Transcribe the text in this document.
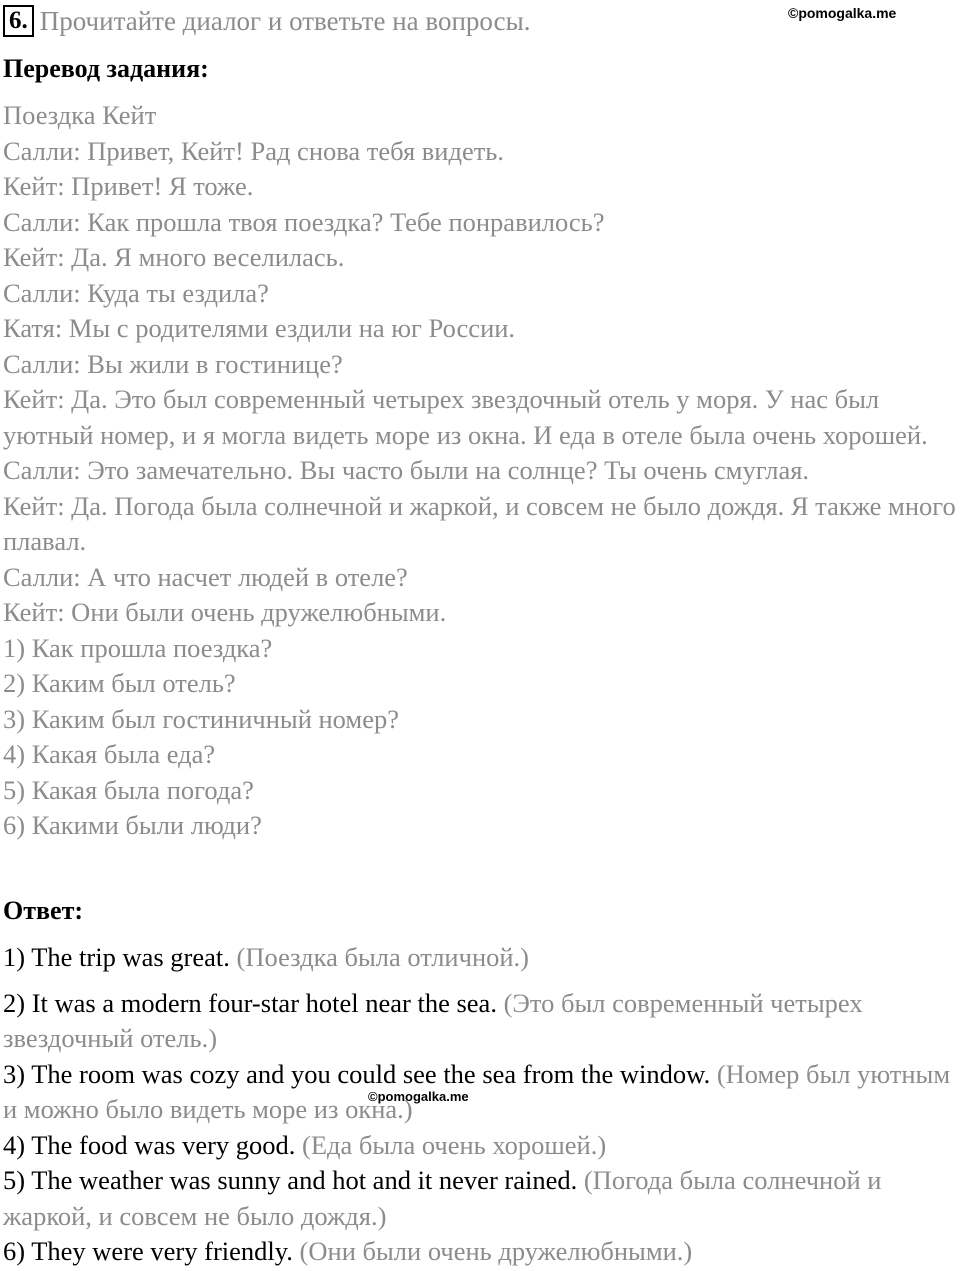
6. Прочитайте диалог и ответьте на вопросы.	©pomogalka.me
Перевод задания:
Поездка Кейт
Салли: Привет, Кейт! Рад снова тебя видеть.
Кейт: Привет! Я тоже.
Салли: Как прошла твоя поездка? Тебе понравилось?
Кейт: Да. Я много веселилась.
Салли: Куда ты ездила?
Катя: Мы с родителями ездили на юг России.
Салли: Вы жили в гостинице?
Кейт: Да. Это был современный четырех звездочный отель у моря. У нас был уютный номер, и я могла видеть море из окна. И еда в отеле была очень хорошей.
Салли: Это замечательно. Вы часто были на солнце? Ты очень смуглая.
Кейт: Да. Погода была солнечной и жаркой, и совсем не было дождя. Я также много плавал.
Салли: А что насчет людей в отеле?
Кейт: Они были очень дружелюбными.
1) Как прошла поездка?
2) Каким был отель?
3) Каким был гостиничный номер?
4) Какая была еда?
5) Какая была погода?
6) Какими были люди?
Ответ:
1) The trip was great. (Поездка была отличной.)
2) It was a modern four-star hotel near the sea. (Это был современный четырех звездочный отель.)
3) The room was cozy and you could see the sea from the window. (Номер был уютным и можно было видеть море из окна.)
4) The food was very good. (Еда была очень хорошей.)
5) The weather was sunny and hot and it never rained. (Погода была солнечной и жаркой, и совсем не было дождя.)
6) They were very friendly. (Они были очень дружелюбными.)
©pomogalka.me
